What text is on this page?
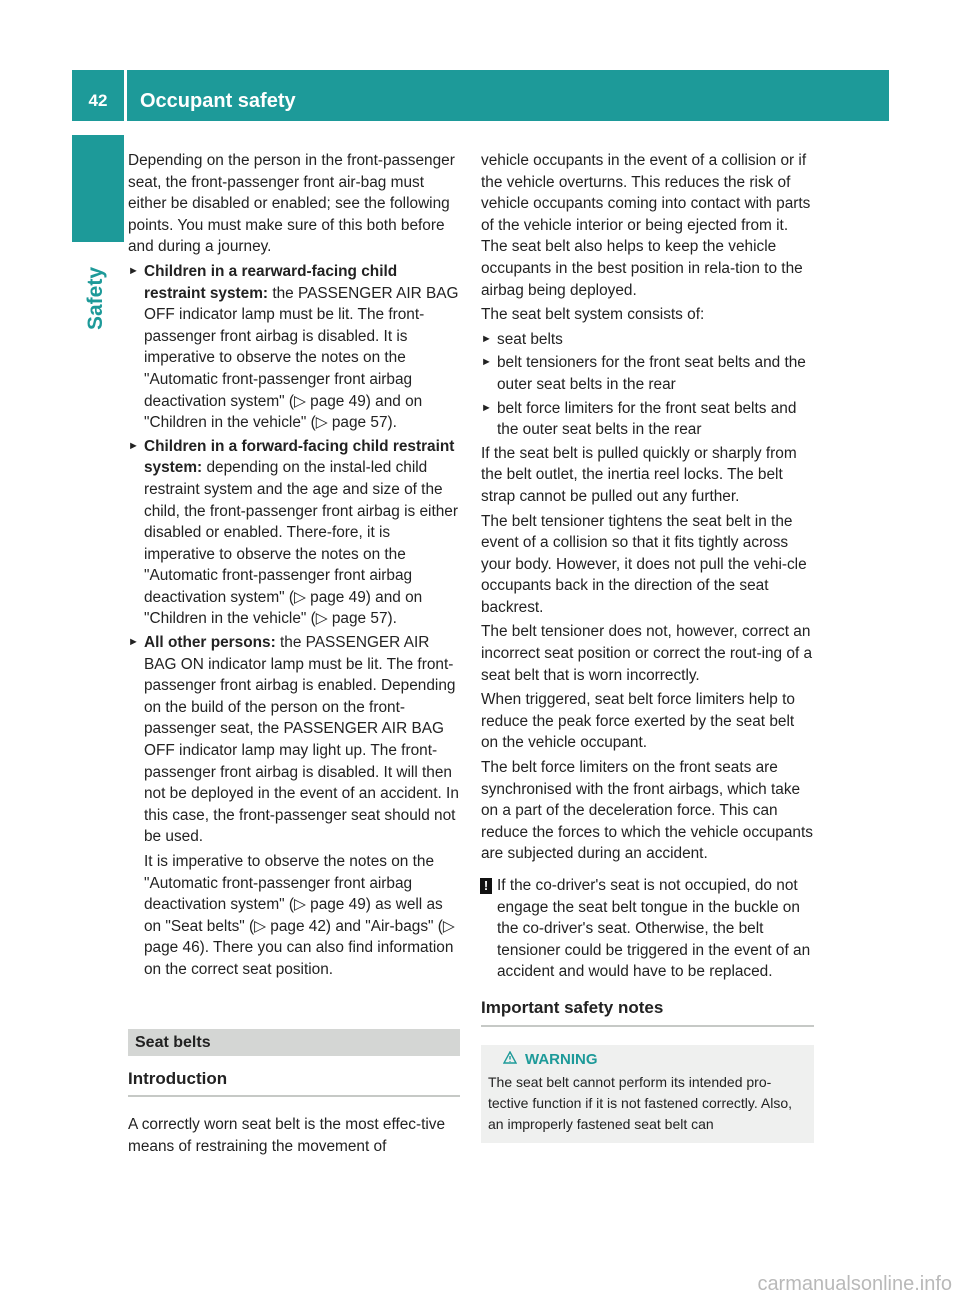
42	Occupant safety
Safety

Depending on the person in the front-passenger seat, the front-passenger front air-bag must either be disabled or enabled; see the following points. You must make sure of this both before and during a journey.

► Children in a rearward-facing child restraint system: the PASSENGER AIR BAG OFF indicator lamp must be lit. The front-passenger front airbag is disabled. It is imperative to observe the notes on the "Automatic front-passenger front airbag deactivation system" (▷ page 49) and on "Children in the vehicle" (▷ page 57).
► Children in a forward-facing child restraint system: depending on the instal-led child restraint system and the age and size of the child, the front-passenger front airbag is either disabled or enabled. There-fore, it is imperative to observe the notes on the "Automatic front-passenger front airbag deactivation system" (▷ page 49) and on "Children in the vehicle" (▷ page 57).
► All other persons: the PASSENGER AIR BAG ON indicator lamp must be lit. The front-passenger front airbag is enabled. Depending on the build of the person on the front-passenger seat, the PASSENGER AIR BAG OFF indicator lamp may light up. The front-passenger front airbag is disabled. It will then not be deployed in the event of an accident. In this case, the front-passenger seat should not be used.
It is imperative to observe the notes on the "Automatic front-passenger front airbag deactivation system" (▷ page 49) as well as on "Seat belts" (▷ page 42) and "Air-bags" (▷ page 46). There you can also find information on the correct seat position.
Seat belts
Introduction

A correctly worn seat belt is the most effec-tive means of restraining the movement of

vehicle occupants in the event of a collision or if the vehicle overturns. This reduces the risk of vehicle occupants coming into contact with parts of the vehicle interior or being ejected from it. The seat belt also helps to keep the vehicle occupants in the best position in rela-tion to the airbag being deployed.

The seat belt system consists of:

► seat belts
► belt tensioners for the front seat belts and the outer seat belts in the rear
► belt force limiters for the front seat belts and the outer seat belts in the rear

If the seat belt is pulled quickly or sharply from the belt outlet, the inertia reel locks. The belt strap cannot be pulled out any further.

The belt tensioner tightens the seat belt in the event of a collision so that it fits tightly across your body. However, it does not pull the vehi-cle occupants back in the direction of the seat backrest.

The belt tensioner does not, however, correct an incorrect seat position or correct the rout-ing of a seat belt that is worn incorrectly.

When triggered, seat belt force limiters help to reduce the peak force exerted by the seat belt on the vehicle occupant.

The belt force limiters on the front seats are synchronised with the front airbags, which take on a part of the deceleration force. This can reduce the forces to which the vehicle occupants are subjected during an accident.

! If the co-driver's seat is not occupied, do not engage the seat belt tongue in the buckle on the co-driver's seat. Otherwise, the belt tensioner could be triggered in the event of an accident and would have to be replaced.
Important safety notes
WARNING
The seat belt cannot perform its intended pro-tective function if it is not fastened correctly. Also, an improperly fastened seat belt can
carmanualsonline.info
